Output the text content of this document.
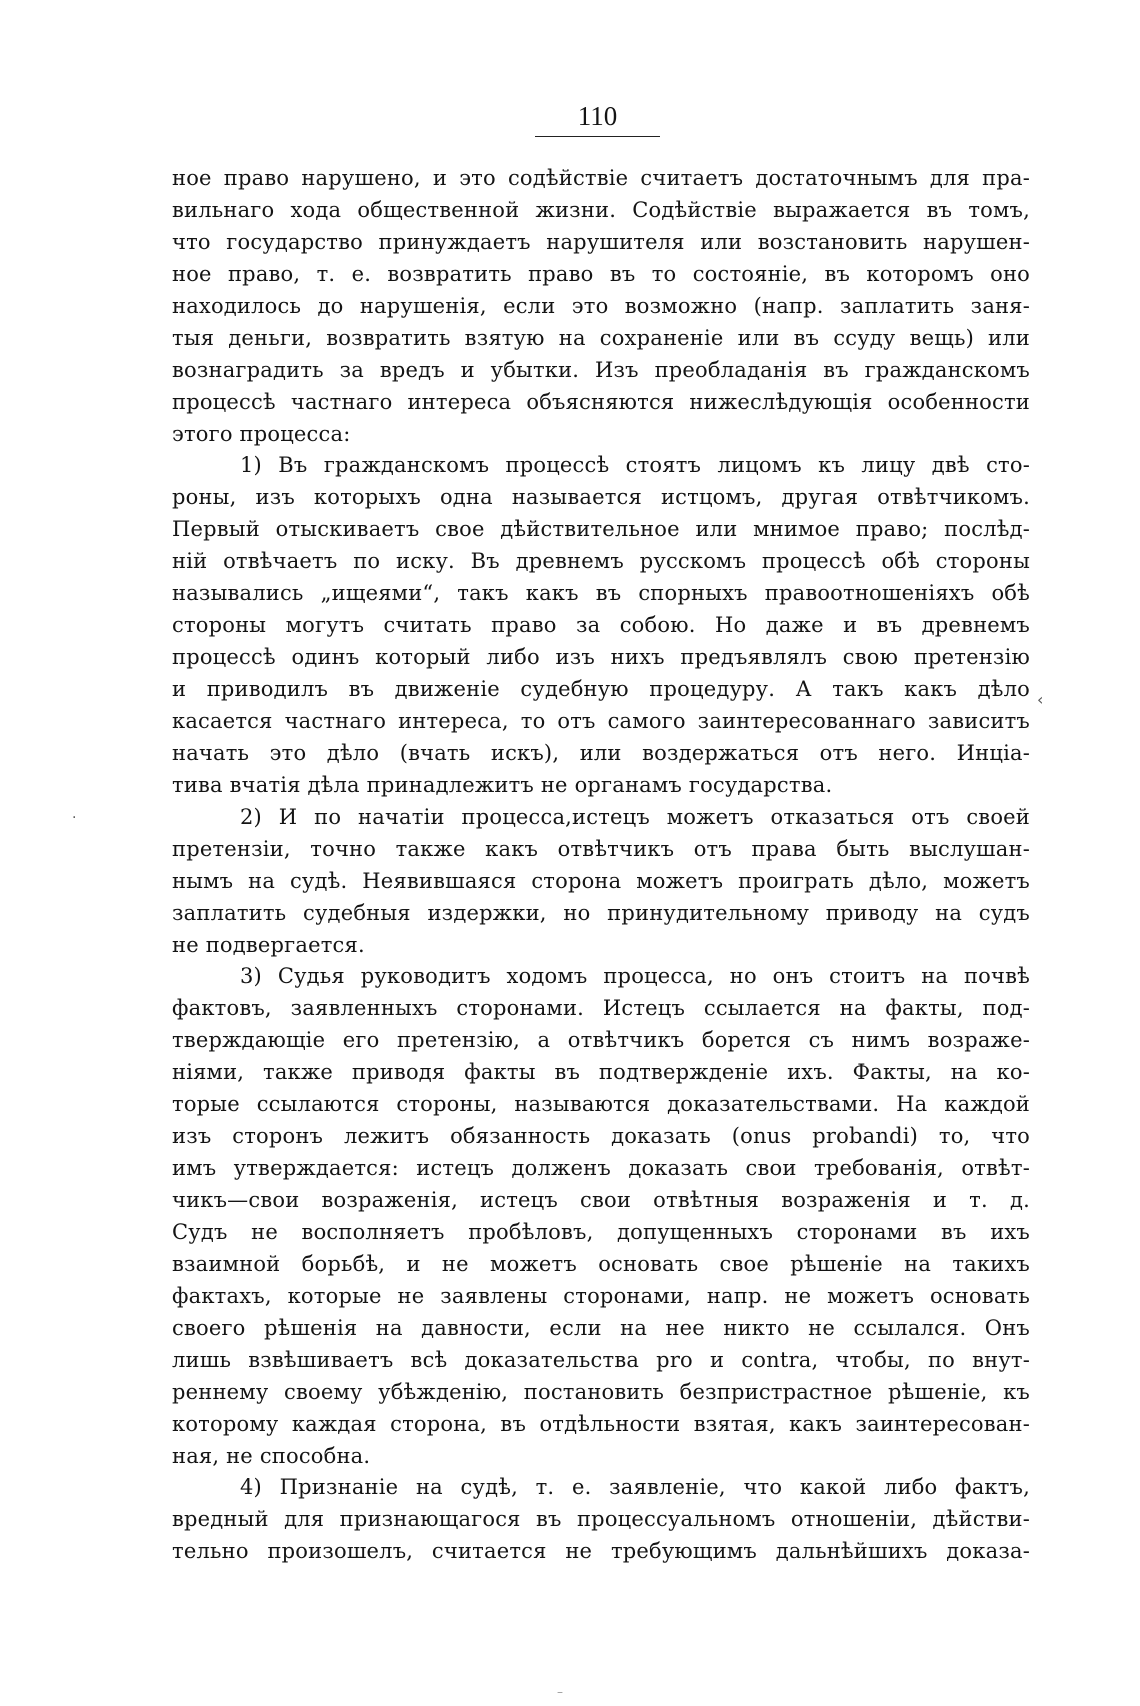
110
ное право нарушено, и это содѣйствіе считаетъ достаточнымъ для пра-
вильнаго хода общественной жизни. Содѣйствіе выражается въ томъ,
что государство принуждаетъ нарушителя или возстановить нарушен-
ное право, т. е. возвратить право въ то состояніе, въ которомъ оно
находилось до нарушенія, если это возможно (напр. заплатить заня-
тыя деньги, возвратить взятую на сохраненіе или въ ссуду вещь) или
вознаградить за вредъ и убытки. Изъ преобладанія въ гражданскомъ
процессѣ частнаго интереса объясняются нижеслѣдующія особенности
этого процесса:
1) Въ гражданскомъ процессѣ стоятъ лицомъ къ лицу двѣ сто-
роны, изъ которыхъ одна называется истцомъ, другая отвѣтчикомъ.
Первый отыскиваетъ свое дѣйствительное или мнимое право; послѣд-
ній отвѣчаетъ по иску. Въ древнемъ русскомъ процессѣ обѣ стороны
назывались „ищеями“, такъ какъ въ спорныхъ правоотношеніяхъ обѣ
стороны могутъ считать право за собою. Но даже и въ древнемъ
процессѣ одинъ который либо изъ нихъ предъявлялъ свою претензію
и приводилъ въ движеніе судебную процедуру. А такъ какъ дѣло
касается частнаго интереса, то отъ самого заинтересованнаго зависитъ
начать это дѣло (вчать искъ), или воздержаться отъ него. Инціа-
тива вчатія дѣла принадлежитъ не органамъ государства.
2) И по начатіи процесса,истецъ можетъ отказаться отъ своей
претензіи, точно также какъ отвѣтчикъ отъ права быть выслушан-
нымъ на судѣ. Неявившаяся сторона можетъ проиграть дѣло, можетъ
заплатить судебныя издержки, но принудительному приводу на судъ
не подвергается.
3) Судья руководитъ ходомъ процесса, но онъ стоитъ на почвѣ
фактовъ, заявленныхъ сторонами. Истецъ ссылается на факты, под-
тверждающіе его претензію, а отвѣтчикъ борется съ нимъ возраже-
ніями, также приводя факты въ подтвержденіе ихъ. Факты, на ко-
торые ссылаются стороны, называются доказательствами. На каждой
изъ сторонъ лежитъ обязанность доказать (onus probandi) то, что
имъ утверждается: истецъ долженъ доказать свои требованія, отвѣт-
чикъ—свои возраженія, истецъ свои отвѣтныя возраженія и т. д.
Судъ не восполняетъ пробѣловъ, допущенныхъ сторонами въ ихъ
взаимной борьбѣ, и не можетъ основать свое рѣшеніе на такихъ
фактахъ, которые не заявлены сторонами, напр. не можетъ основать
своего рѣшенія на давности, если на нее никто не ссылался. Онъ
лишь взвѣшиваетъ всѣ доказательства pro и contra, чтобы, по внут-
реннему своему убѣжденію, постановить безпристрастное рѣшеніе, къ
которому каждая сторона, въ отдѣльности взятая, какъ заинтересован-
ная, не способна.
4) Признаніе на судѣ, т. е. заявленіе, что какой либо фактъ,
вредный для признающагося въ процессуальномъ отношеніи, дѣйстви-
тельно произошелъ, считается не требующимъ дальнѣйшихъ доказа-
‹
·
–
